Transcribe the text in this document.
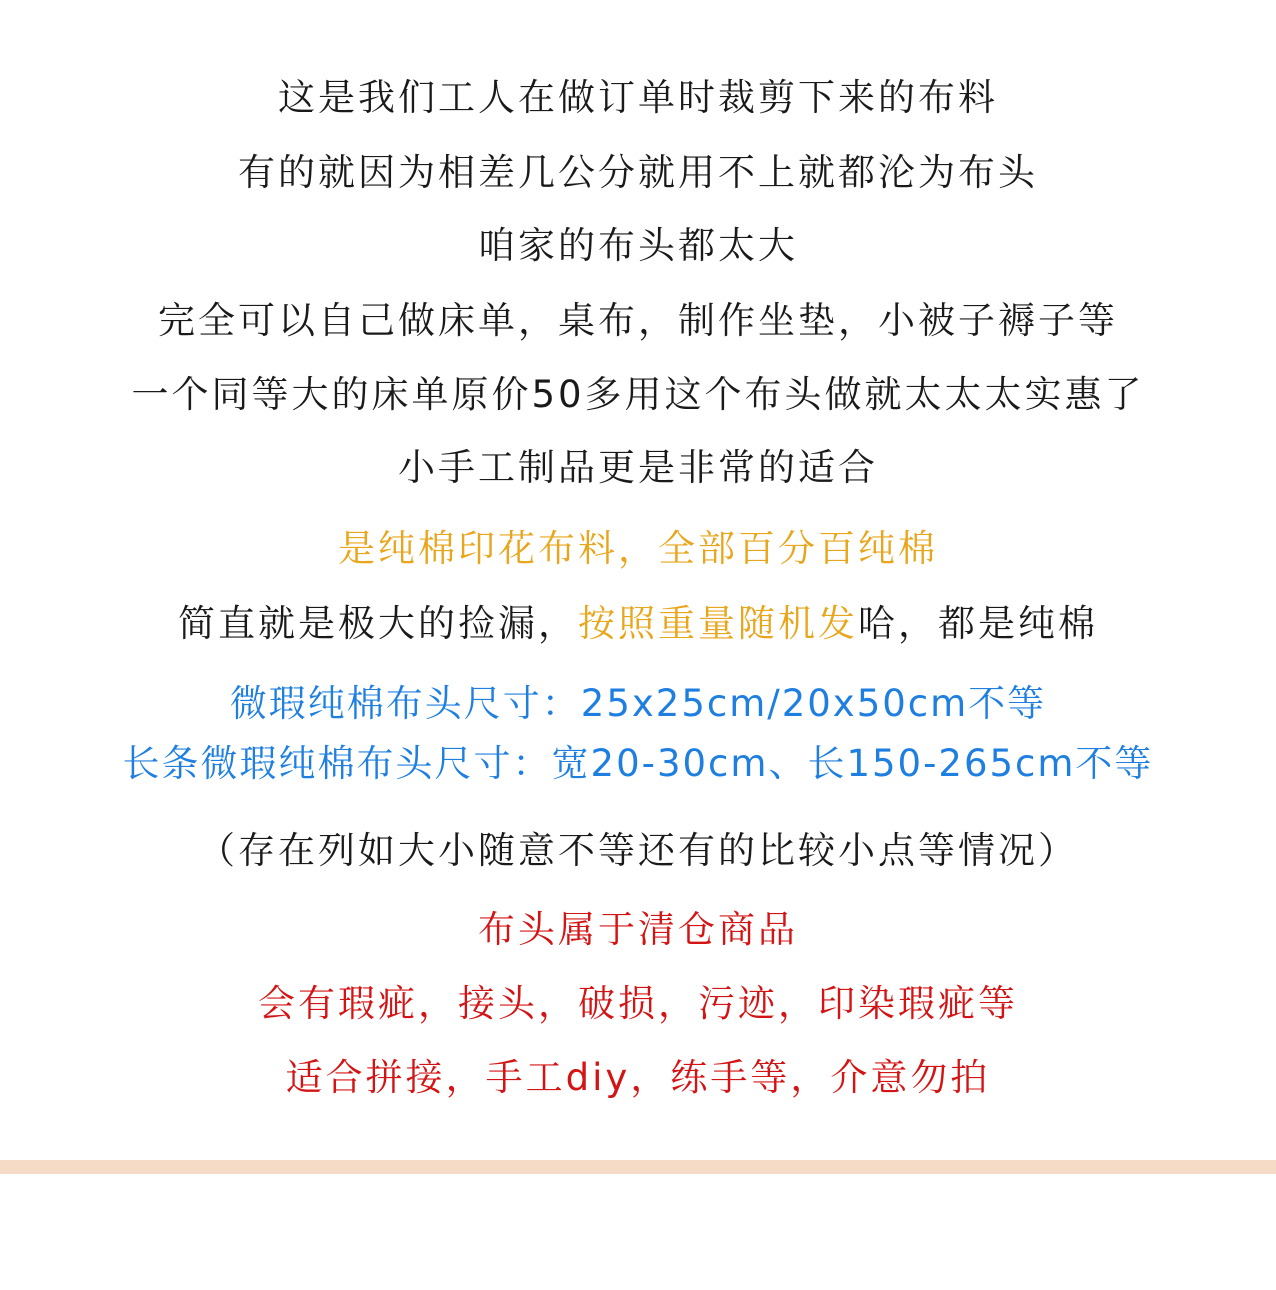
这是我们工人在做订单时裁剪下来的布料
有的就因为相差几公分就用不上就都沦为布头
咱家的布头都太大
完全可以自己做床单，桌布，制作坐垫，小被子褥子等
一个同等大的床单原价50多用这个布头做就太太太实惠了
小手工制品更是非常的适合
是纯棉印花布料，全部百分百纯棉
简直就是极大的捡漏，按照重量随机发哈，都是纯棉
微瑕纯棉布头尺寸：25x25cm/20x50cm不等
长条微瑕纯棉布头尺寸：宽20-30cm、长150-265cm不等
（存在列如大小随意不等还有的比较小点等情况）
布头属于清仓商品
会有瑕疵，接头，破损，污迹，印染瑕疵等
适合拼接，手工diy，练手等，介意勿拍
